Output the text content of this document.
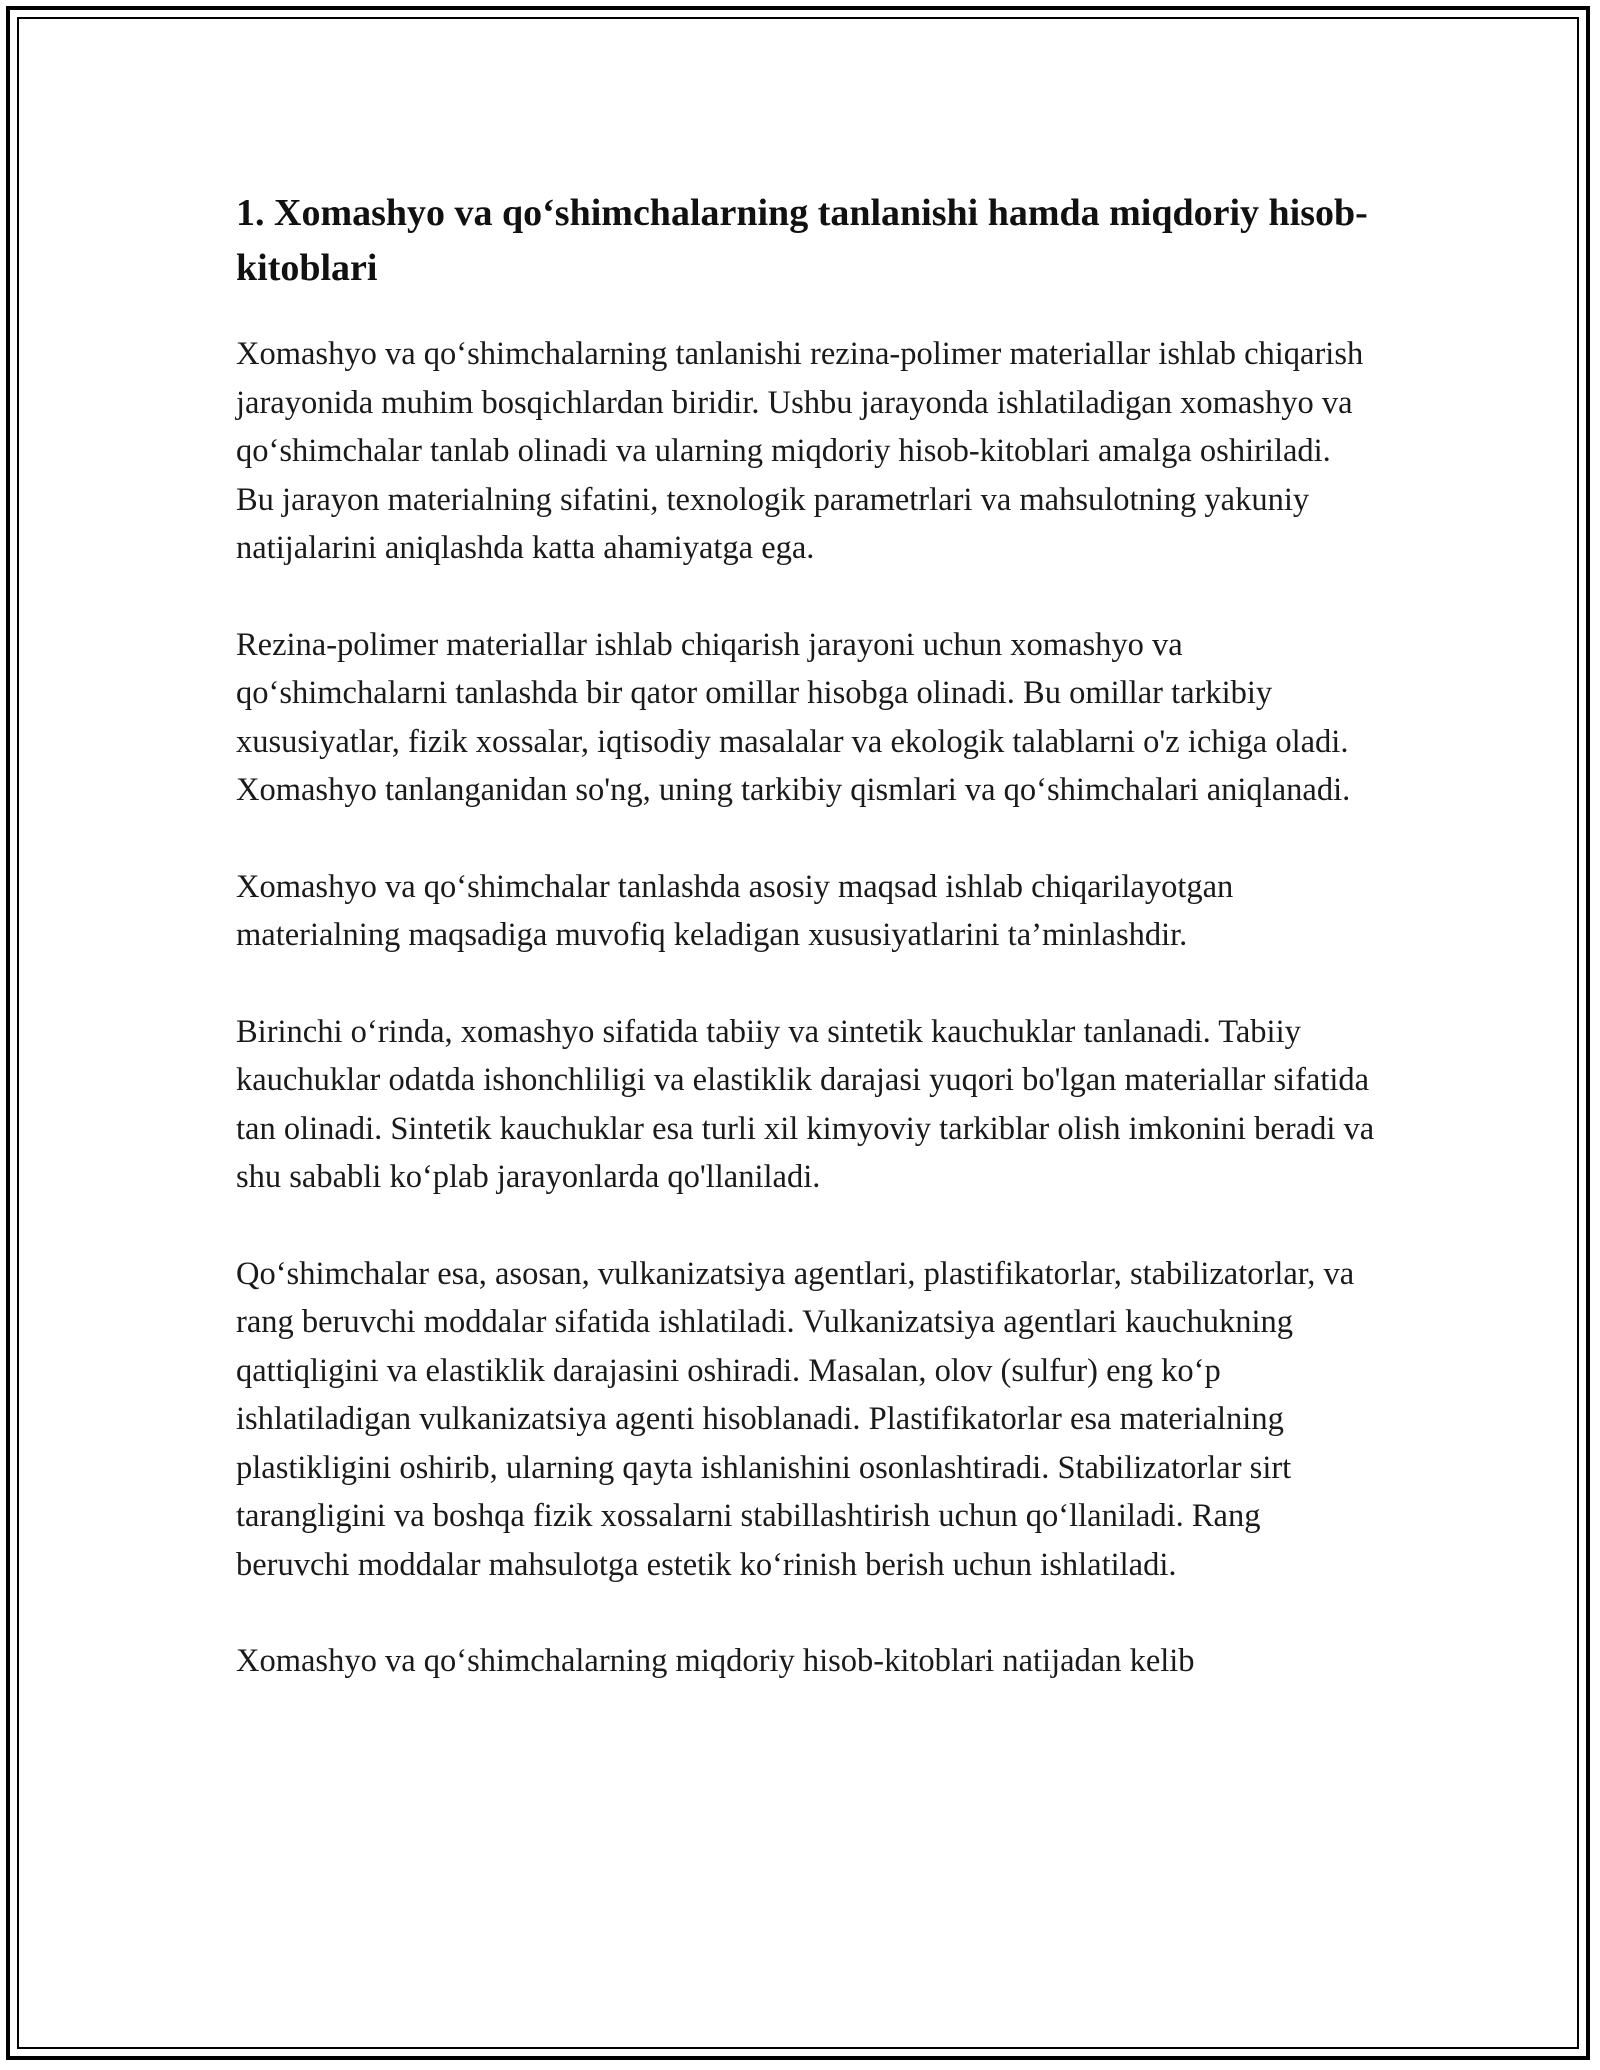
1. Xomashyo va qo‘shimchalarning tanlanishi hamda miqdoriy hisob-kitoblari

Xomashyo va qo‘shimchalarning tanlanishi rezina-polimer materiallar ishlab chiqarish jarayonida muhim bosqichlardan biridir. Ushbu jarayonda ishlatiladigan xomashyo va qo‘shimchalar tanlab olinadi va ularning miqdoriy hisob-kitoblari amalga oshiriladi. Bu jarayon materialning sifatini, texnologik parametrlari va mahsulotning yakuniy natijalarini aniqlashda katta ahamiyatga ega.

Rezina-polimer materiallar ishlab chiqarish jarayoni uchun xomashyo va qo‘shimchalarni tanlashda bir qator omillar hisobga olinadi. Bu omillar tarkibiy xususiyatlar, fizik xossalar, iqtisodiy masalalar va ekologik talablarni o'z ichiga oladi. Xomashyo tanlanganidan so'ng, uning tarkibiy qismlari va qo‘shimchalari aniqlanadi.

Xomashyo va qo‘shimchalar tanlashda asosiy maqsad ishlab chiqarilayotgan materialning maqsadiga muvofiq keladigan xususiyatlarini ta’minlashdir.

Birinchi o‘rinda, xomashyo sifatida tabiiy va sintetik kauchuklar tanlanadi. Tabiiy kauchuklar odatda ishonchliligi va elastiklik darajasi yuqori bo'lgan materiallar sifatida tan olinadi. Sintetik kauchuklar esa turli xil kimyoviy tarkiblar olish imkonini beradi va shu sababli ko‘plab jarayonlarda qo'llaniladi.

Qo‘shimchalar esa, asosan, vulkanizatsiya agentlari, plastifikatorlar, stabilizatorlar, va rang beruvchi moddalar sifatida ishlatiladi. Vulkanizatsiya agentlari kauchukning qattiqligini va elastiklik darajasini oshiradi. Masalan, olov (sulfur) eng ko‘p ishlatiladigan vulkanizatsiya agenti hisoblanadi. Plastifikatorlar esa materialning plastikligini oshirib, ularning qayta ishlanishini osonlashtiradi. Stabilizatorlar sirt tarangligini va boshqa fizik xossalarni stabillashtirish uchun qo‘llaniladi. Rang beruvchi moddalar mahsulotga estetik ko‘rinish berish uchun ishlatiladi.

Xomashyo va qo‘shimchalarning miqdoriy hisob-kitoblari natijadan kelib
